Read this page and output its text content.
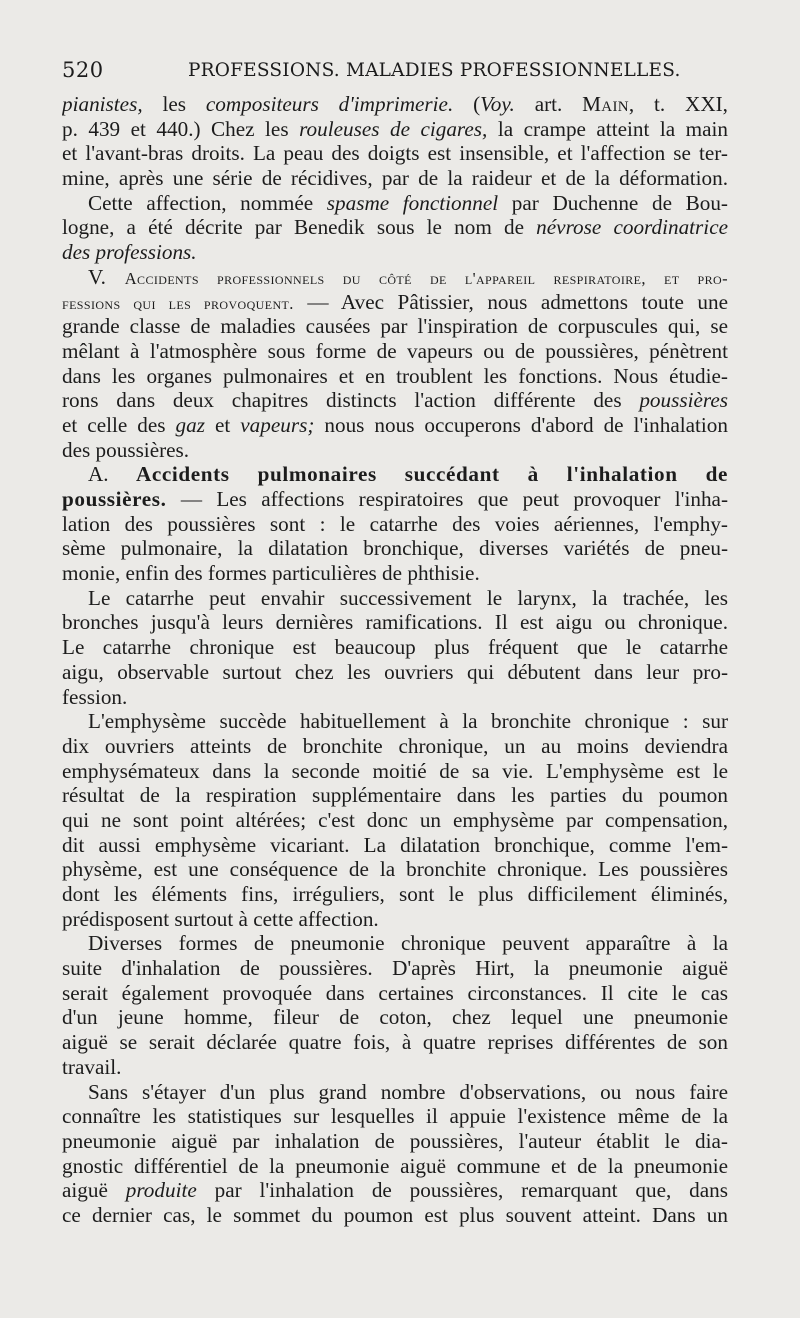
520	PROFESSIONS. MALADIES PROFESSIONNELLES.
pianistes, les compositeurs d'imprimerie. (Voy. art. Main, t. XXI,
p. 439 et 440.) Chez les rouleuses de cigares, la crampe atteint la main
et l'avant-bras droits. La peau des doigts est insensible, et l'affection se ter-
mine, après une série de récidives, par de la raideur et de la déformation.
Cette affection, nommée spasme fonctionnel par Duchenne de Bou-
logne, a été décrite par Benedik sous le nom de névrose coordinatrice
des professions.
V. Accidents professionnels du côté de l'appareil respiratoire, et pro-
fessions qui les provoquent. — Avec Pâtissier, nous admettons toute une
grande classe de maladies causées par l'inspiration de corpuscules qui, se
mêlant à l'atmosphère sous forme de vapeurs ou de poussières, pénètrent
dans les organes pulmonaires et en troublent les fonctions. Nous étudie-
rons dans deux chapitres distincts l'action différente des poussières
et celle des gaz et vapeurs; nous nous occuperons d'abord de l'inhalation
des poussières.
A. Accidents pulmonaires succédant à l'inhalation de
poussières. — Les affections respiratoires que peut provoquer l'inha-
lation des poussières sont : le catarrhe des voies aériennes, l'emphy-
sème pulmonaire, la dilatation bronchique, diverses variétés de pneu-
monie, enfin des formes particulières de phthisie.
Le catarrhe peut envahir successivement le larynx, la trachée, les
bronches jusqu'à leurs dernières ramifications. Il est aigu ou chronique.
Le catarrhe chronique est beaucoup plus fréquent que le catarrhe
aigu, observable surtout chez les ouvriers qui débutent dans leur pro-
fession.
L'emphysème succède habituellement à la bronchite chronique : sur
dix ouvriers atteints de bronchite chronique, un au moins deviendra
emphysémateux dans la seconde moitié de sa vie. L'emphysème est le
résultat de la respiration supplémentaire dans les parties du poumon
qui ne sont point altérées; c'est donc un emphysème par compensation,
dit aussi emphysème vicariant. La dilatation bronchique, comme l'em-
physème, est une conséquence de la bronchite chronique. Les poussières
dont les éléments fins, irréguliers, sont le plus difficilement éliminés,
prédisposent surtout à cette affection.
Diverses formes de pneumonie chronique peuvent apparaître à la
suite d'inhalation de poussières. D'après Hirt, la pneumonie aiguë
serait également provoquée dans certaines circonstances. Il cite le cas
d'un jeune homme, fileur de coton, chez lequel une pneumonie
aiguë se serait déclarée quatre fois, à quatre reprises différentes de son
travail.
Sans s'étayer d'un plus grand nombre d'observations, ou nous faire
connaître les statistiques sur lesquelles il appuie l'existence même de la
pneumonie aiguë par inhalation de poussières, l'auteur établit le dia-
gnostic différentiel de la pneumonie aiguë commune et de la pneumonie
aiguë produite par l'inhalation de poussières, remarquant que, dans
ce dernier cas, le sommet du poumon est plus souvent atteint. Dans un
